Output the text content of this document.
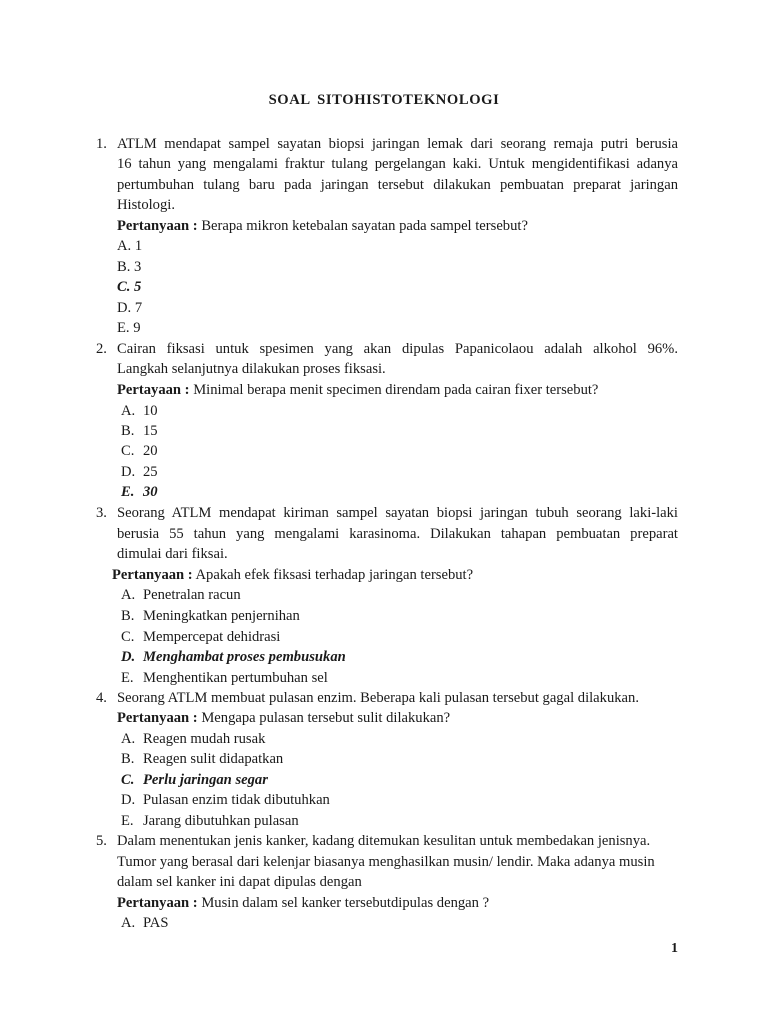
SOAL SITOHISTOTEKNOLOGI
1. ATLM mendapat sampel sayatan biopsi jaringan lemak dari seorang remaja putri berusia
16 tahun yang mengalami fraktur tulang pergelangan kaki. Untuk mengidentifikasi adanya
pertumbuhan tulang baru pada jaringan tersebut dilakukan pembuatan preparat jaringan
Histologi.
Pertanyaan : Berapa mikron ketebalan sayatan pada sampel tersebut?
A. 1
B. 3
C. 5
D. 7
E. 9
2. Cairan fiksasi untuk spesimen yang akan dipulas Papanicolaou adalah alkohol 96%.
Langkah selanjutnya dilakukan proses fiksasi.
Pertayaan : Minimal berapa menit specimen direndam pada cairan fixer tersebut?
A. 10
B. 15
C. 20
D. 25
E. 30
3. Seorang ATLM mendapat kiriman sampel sayatan biopsi jaringan tubuh seorang laki-laki
berusia 55 tahun yang mengalami karasinoma. Dilakukan tahapan pembuatan preparat
dimulai dari fiksai.
Pertanyaan : Apakah efek fiksasi terhadap jaringan tersebut?
A. Penetralan racun
B. Meningkatkan penjernihan
C. Mempercepat dehidrasi
D. Menghambat proses pembusukan
E. Menghentikan pertumbuhan sel
4. Seorang ATLM membuat pulasan enzim. Beberapa kali pulasan tersebut gagal dilakukan.
Pertanyaan : Mengapa pulasan tersebut sulit dilakukan?
A. Reagen mudah rusak
B. Reagen sulit didapatkan
C. Perlu jaringan segar
D. Pulasan enzim tidak dibutuhkan
E. Jarang dibutuhkan pulasan
5. Dalam menentukan jenis kanker, kadang ditemukan kesulitan untuk membedakan jenisnya.
Tumor yang berasal dari kelenjar biasanya menghasilkan musin/ lendir. Maka adanya musin
dalam sel kanker ini dapat dipulas dengan
Pertanyaan : Musin dalam sel kanker tersebutdipulas dengan ?
A. PAS
1
